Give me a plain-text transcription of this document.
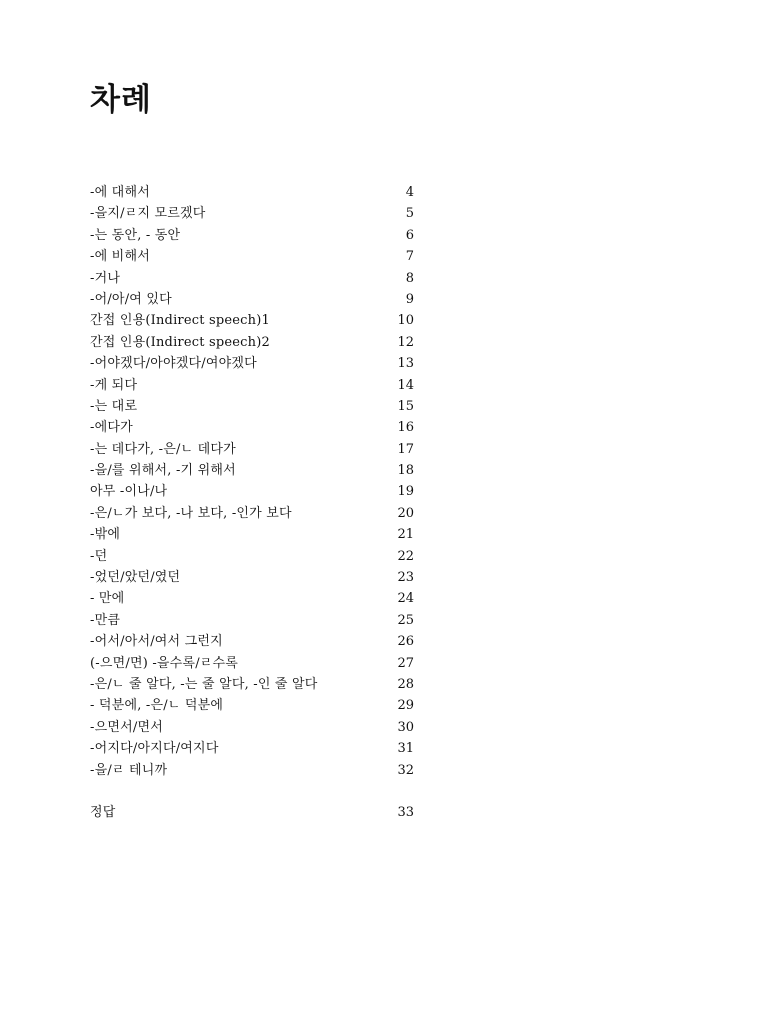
차례
-에 대해서	4
-을지/ㄹ지 모르겠다	5
-는 동안, - 동안	6
-에 비해서	7
-거나	8
-어/아/여 있다	9
간접 인용(Indirect speech)1	10
간접 인용(Indirect speech)2	12
-어야겠다/아야겠다/여야겠다	13
-게 되다	14
-는 대로	15
-에다가	16
-는 데다가, -은/ㄴ 데다가	17
-을/를 위해서, -기 위해서	18
아무 -이나/나	19
-은/ㄴ가 보다, -나 보다, -인가 보다	20
-밖에	21
-던	22
-었던/았던/였던	23
- 만에	24
-만큼	25
-어서/아서/여서 그런지	26
(-으면/면) -을수록/ㄹ수록	27
-은/ㄴ 줄 알다, -는 줄 알다, -인 줄 알다	28
- 덕분에, -은/ㄴ 덕분에	29
-으면서/면서	30
-어지다/아지다/여지다	31
-을/ㄹ 테니까	32
정답	33
